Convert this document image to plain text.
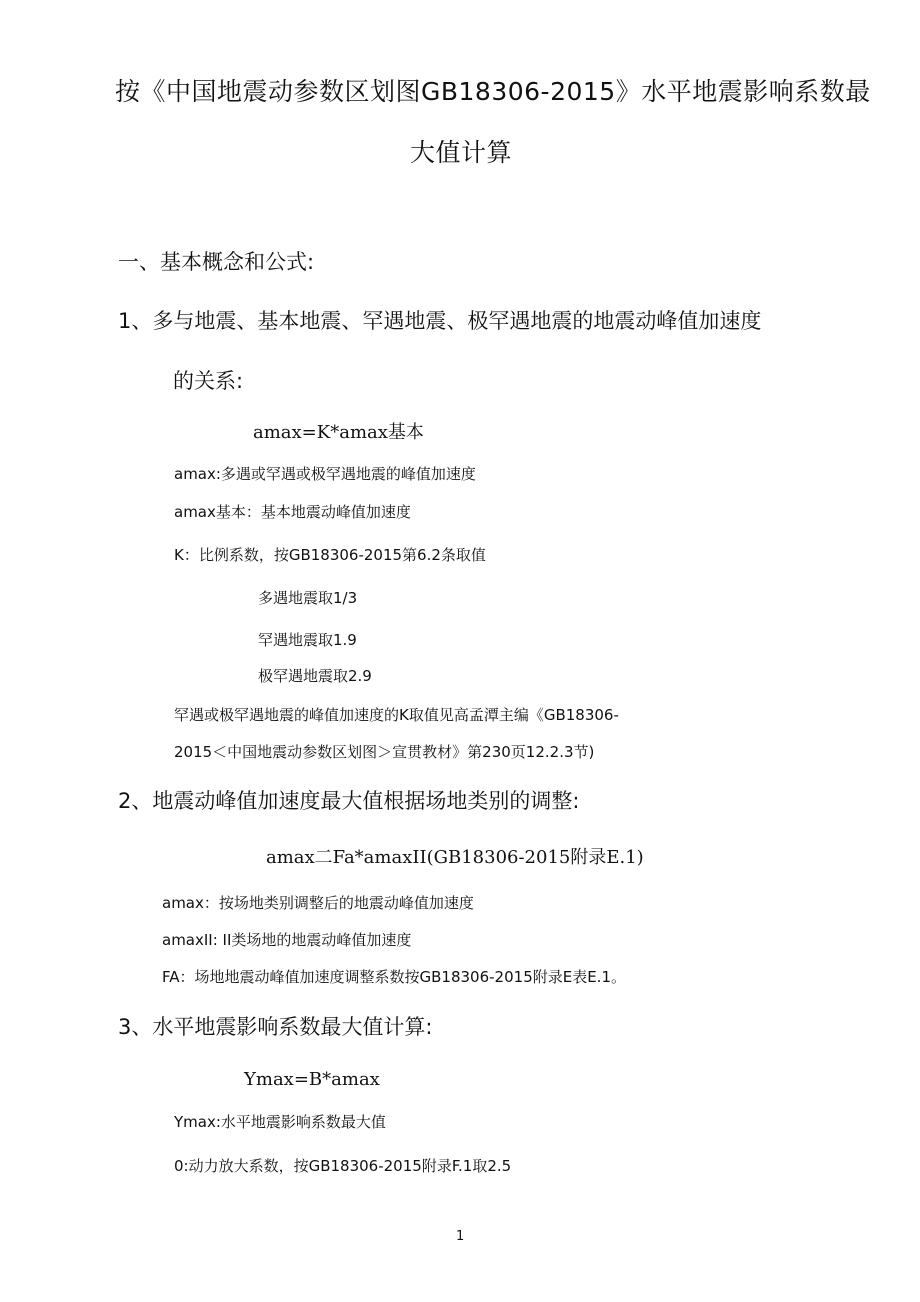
按《中国地震动参数区划图GB18306-2015》水平地震影响系数最
大值计算
一、基本概念和公式:
1、多与地震、基本地震、罕遇地震、极罕遇地震的地震动峰值加速度
的关系:
amax=K*amax基本
amax:多遇或罕遇或极罕遇地震的峰值加速度
amax基本：基本地震动峰值加速度
K：比例系数，按GB18306-2015第6.2条取值
多遇地震取1/3
罕遇地震取1.9
极罕遇地震取2.9
罕遇或极罕遇地震的峰值加速度的K取值见高孟潭主编《GB18306-
2015＜中国地震动参数区划图＞宣贯教材》第230页12.2.3节)
2、地震动峰值加速度最大值根据场地类别的调整:
amax二Fa*amaxII(GB18306-2015附录E.1)
amax：按场地类别调整后的地震动峰值加速度
amaxII: II类场地的地震动峰值加速度
FA：场地地震动峰值加速度调整系数按GB18306-2015附录E表E.1。
3、水平地震影响系数最大值计算:
Ymax=B*amax
Ymax:水平地震影响系数最大值
0:动力放大系数，按GB18306-2015附录F.1取2.5
1
